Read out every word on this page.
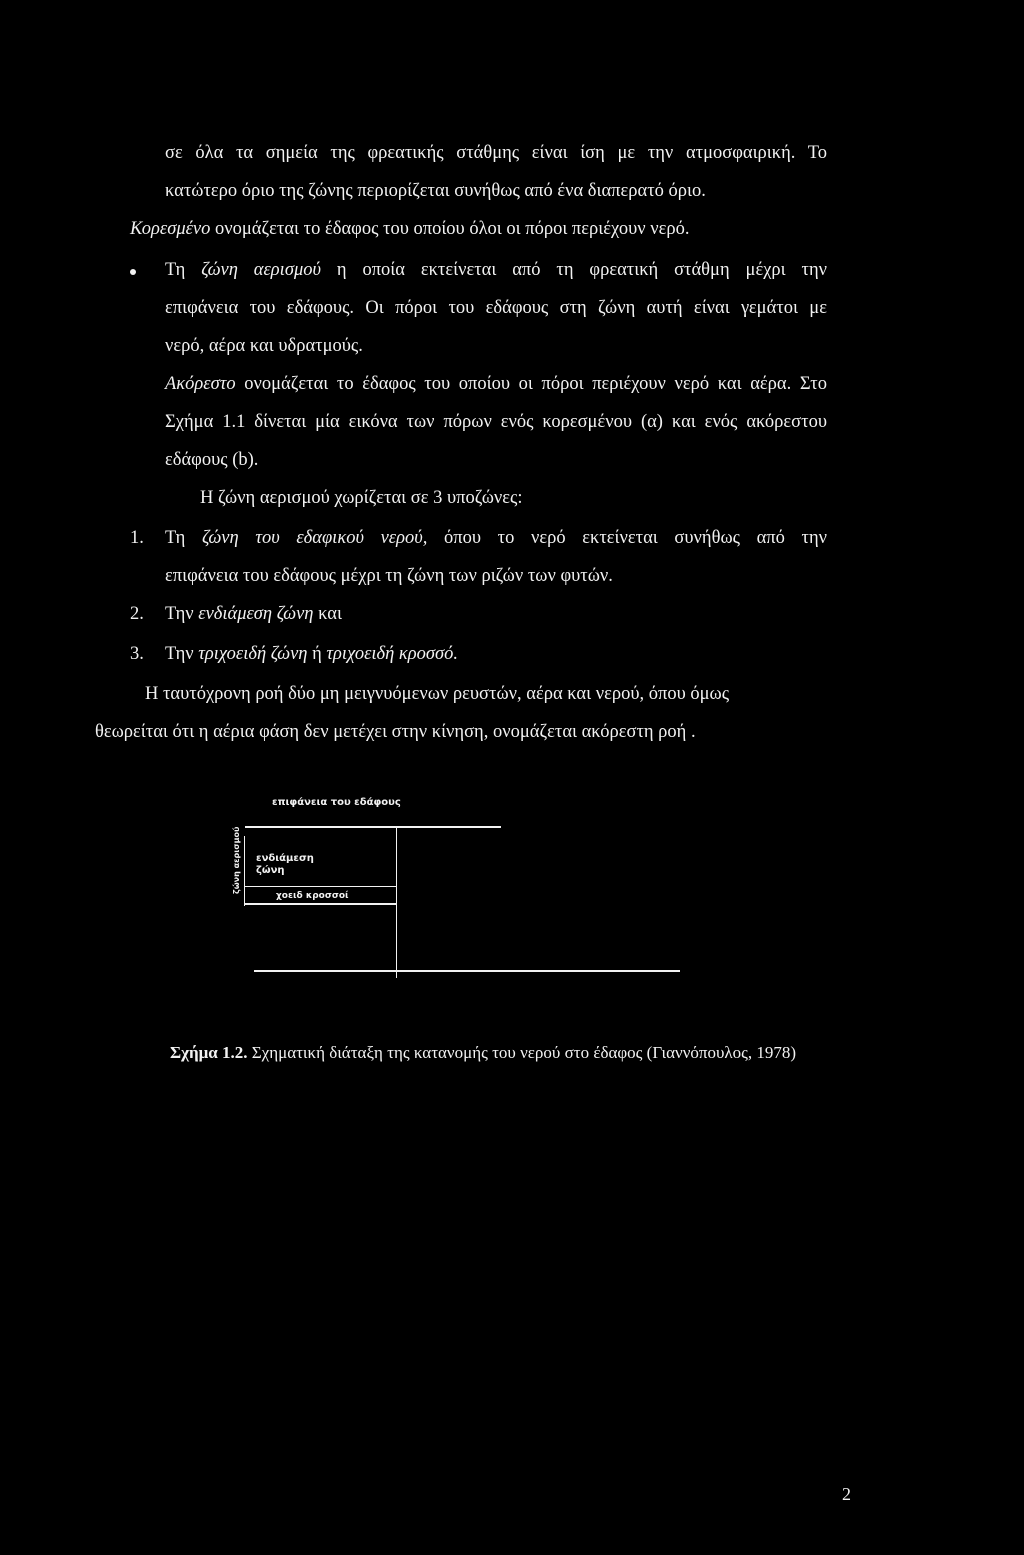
σε όλα τα σημεία της φρεατικής στάθμης είναι ίση με την ατμοσφαιρική. Το
κατώτερο όριο της ζώνης περιορίζεται συνήθως από ένα διαπερατό όριο.
Κορεσμένο ονομάζεται το έδαφος του οποίου όλοι οι πόροι περιέχουν νερό.
Τη ζώνη αερισμού η οποία εκτείνεται από τη φρεατική στάθμη μέχρι την
επιφάνεια του εδάφους. Οι πόροι του εδάφους στη ζώνη αυτή είναι γεμάτοι με
νερό, αέρα και υδρατμούς.
Ακόρεστο ονομάζεται το έδαφος του οποίου οι πόροι περιέχουν νερό και αέρα. Στο
Σχήμα 1.1 δίνεται μία εικόνα των πόρων ενός κορεσμένου (α) και ενός ακόρεστου
εδάφους (b).
Η ζώνη αερισμού χωρίζεται σε 3 υποζώνες:
1. Τη ζώνη του εδαφικού νερού, όπου το νερό εκτείνεται συνήθως από την
επιφάνεια του εδάφους μέχρι τη ζώνη των ριζών των φυτών.
2. Την ενδιάμεση ζώνη και
3. Την τριχοειδή ζώνη ή τριχοειδή κροσσό.
Η ταυτόχρονη ροή δύο μη μειγνυόμενων ρευστών, αέρα και νερού, όπου όμως
θεωρείται ότι η αέρια φάση δεν μετέχει στην κίνηση, ονομάζεται ακόρεστη ροή .
επιφάνεια του εδάφους
ζώνη αερισμού ενδιάμεση ζώνη
χοειδ κροσσοί
Σχήμα 1.2. Σχηματική διάταξη της κατανομής του νερού στο έδαφος (Γιαννόπουλος, 1978)
2
